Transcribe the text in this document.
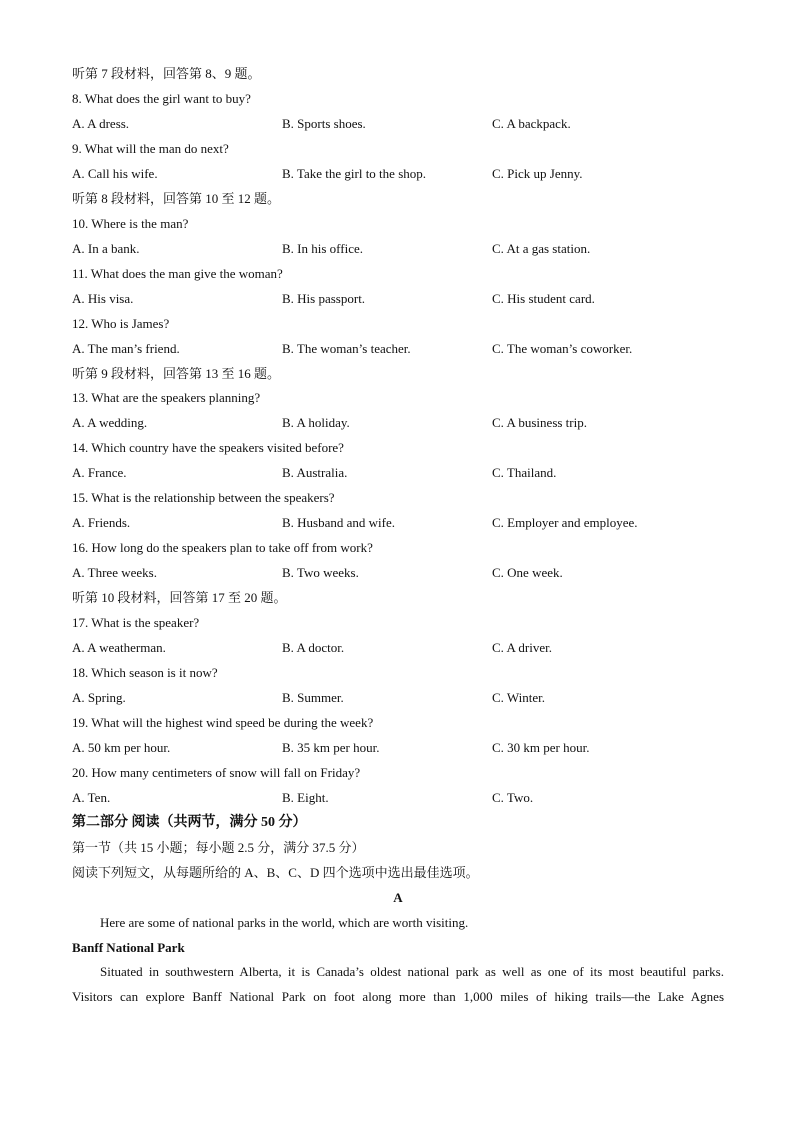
听第 7 段材料，回答第 8、9 题。
8. What does the girl want to buy?
A. A dress.	B. Sports shoes.	C. A backpack.
9. What will the man do next?
A. Call his wife.	B. Take the girl to the shop.	C. Pick up Jenny.
听第 8 段材料，回答第 10 至 12 题。
10. Where is the man?
A. In a bank.	B. In his office.	C. At a gas station.
11. What does the man give the woman?
A. His visa.	B. His passport.	C. His student card.
12. Who is James?
A. The man’s friend.	B. The woman’s teacher.	C. The woman’s coworker.
听第 9 段材料，回答第 13 至 16 题。
13. What are the speakers planning?
A. A wedding.	B. A holiday.	C. A business trip.
14. Which country have the speakers visited before?
A. France.	B. Australia.	C. Thailand.
15. What is the relationship between the speakers?
A. Friends.	B. Husband and wife.	C. Employer and employee.
16. How long do the speakers plan to take off from work?
A. Three weeks.	B. Two weeks.	C. One week.
听第 10 段材料，回答第 17 至 20 题。
17. What is the speaker?
A. A weatherman.	B. A doctor.	C. A driver.
18. Which season is it now?
A. Spring.	B. Summer.	C. Winter.
19. What will the highest wind speed be during the week?
A. 50 km per hour.	B. 35 km per hour.	C. 30 km per hour.
20. How many centimeters of snow will fall on Friday?
A. Ten.	B. Eight.	C. Two.
第二部分 阅读（共两节，满分 50 分）
第一节（共 15 小题；每小题 2.5 分，满分 37.5 分）
阅读下列短文，从每题所给的 A、B、C、D 四个选项中选出最佳选项。
A
Here are some of national parks in the world, which are worth visiting.
Banff National Park
Situated in southwestern Alberta, it is Canada’s oldest national park as well as one of its most beautiful parks.
Visitors can explore Banff National Park on foot along more than 1,000 miles of hiking trails—the Lake Agnes
